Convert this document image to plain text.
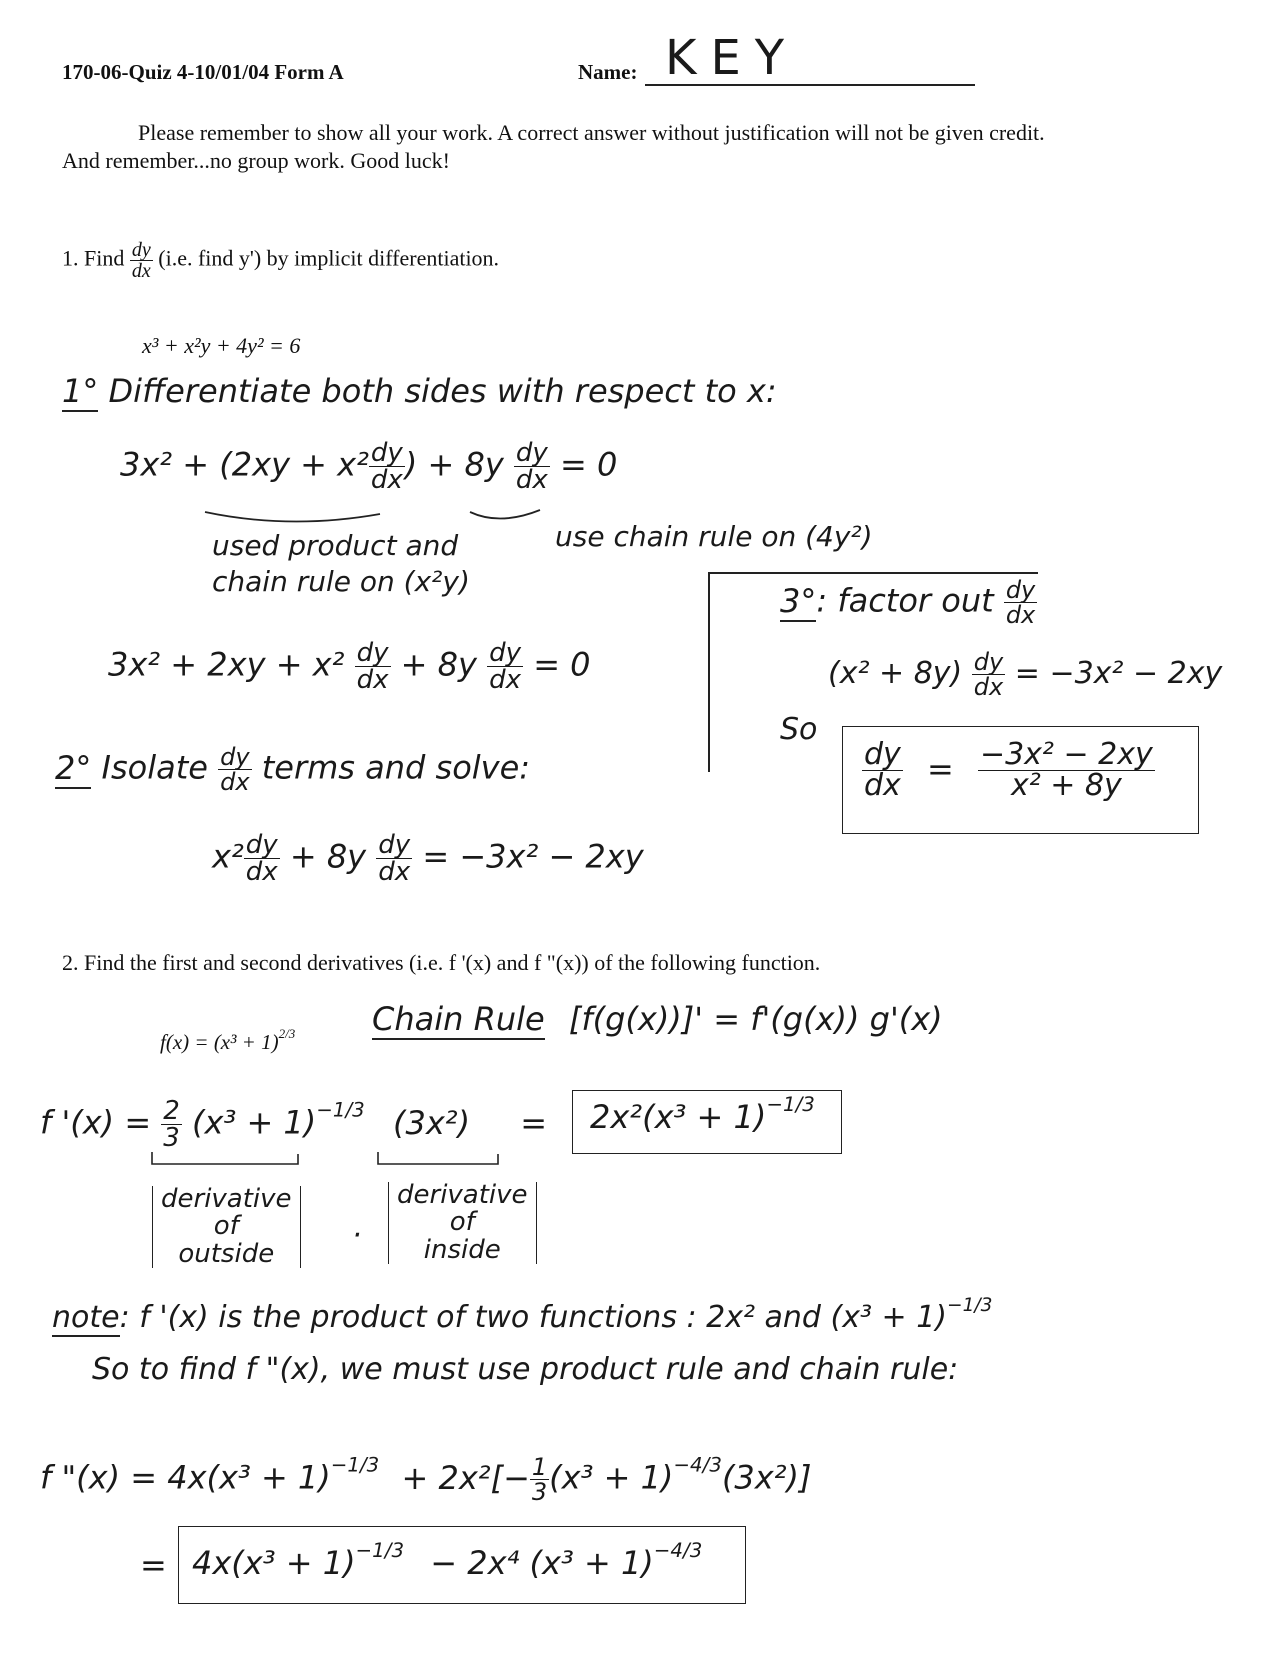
170-06-Quiz 4-10/01/04 Form A	Name: KEY
Please remember to show all your work. A correct answer without justification will not be given credit.
And remember...no group work. Good luck!
1. Find $\frac{dy}{dx} (i.e$. find y') by implicit differentiation.
x³ + x²y + 4y² = 6
1° Differentiate both sides with respect to x:
$3x^2 + (2xy + x^2 \frac{dy}{dx}$ ) + $8y \frac{dy}{dx} = 0$
used product and
chain rule on (x²y)
use chain rule on (4y²)
$3x^2 + 2xy + x^2 \frac{dy}{dx} + 8y \frac{dy}{dx} = 0$
2° Isolate $\frac{dy}{dx}$ terms and solve:
$x^2 \frac{dy}{dx} + 8y \frac{dy}{dx} = -3x^2 - 2xy$
3°: factor out $\frac{dy}{dx}$
$(x^2 + 8y) \frac{dy}{dx} = -3x^2 - 2xy$
So
$\frac{dy}{dx} = \frac{\text{−3x² − 2xy}}{\text{x² + 8y}}$
2. Find the first and second derivatives (i.e. f '(x) and f "(x)) of the following function.
$f(x) = (x^3 + 1)^{2/3}$ Chain Rule [f(g(x))]' = f'(g(x)) g'(x)
f '$(x) = \frac{2}{3} (x^3 + 1)^{-1/3}$ $(3x^2) = 2x^2(x^3 + 1)^{-1/3}$
derivative
of
outside
·
derivative
of
inside
note: f '(x) is the product of two functions : 2x² and $(x^3 + 1)^{-1/3}$
So to find f "(x), we must use product rule and chain rule:
f "$(x) = 4x(x^3 + 1)^{-1/3} + 2x^2[- \frac{1}{3} (x^3 + 1)^{-4/3}(3x^2)]$
= $4x(x^3 + 1)^{-1/3} - 2x^4$ $(x^3 + 1)^{-4/3}$
